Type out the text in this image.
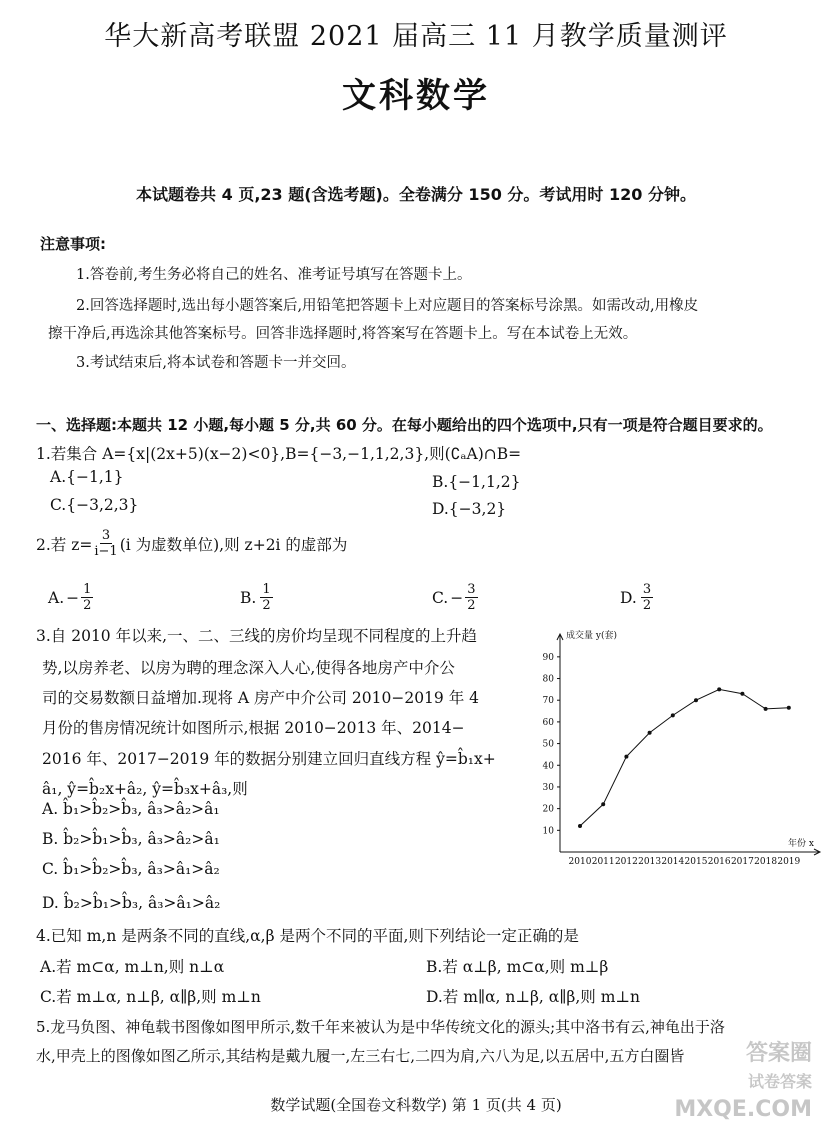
华大新高考联盟 2021 届高三 11 月教学质量测评
文科数学
本试题卷共 4 页,23 题(含选考题)。全卷满分 150 分。考试用时 120 分钟。
注意事项:
1.答卷前,考生务必将自己的姓名、准考证号填写在答题卡上。
2.回答选择题时,选出每小题答案后,用铅笔把答题卡上对应题目的答案标号涂黑。如需改动,用橡皮
擦干净后,再选涂其他答案标号。回答非选择题时,将答案写在答题卡上。写在本试卷上无效。
3.考试结束后,将本试卷和答题卡一并交回。
一、选择题:本题共 12 小题,每小题 5 分,共 60 分。在每小题给出的四个选项中,只有一项是符合题目要求的。
1.若集合 A={x|(2x+5)(x−2)<0},B={−3,−1,1,2,3},则(∁ₐA)∩B=
A.{−1,1}	B.{−1,1,2}
C.{−3,2,3}	D.{−3,2}
2.若 $z= \frac{3}{i-1} (i$ 为虚数单位),则 z+2i 的虚部为
A. − $\frac{1}{2}$	B. $\frac{1}{2}$	C. − $\frac{3}{2}$	D. $\frac{3}{2}$
3.自 2010 年以来,一、二、三线的房价均呈现不同程度的上升趋
势,以房养老、以房为聘的理念深入人心,使得各地房产中介公
司的交易数额日益增加.现将 A 房产中介公司 2010−2019 年 4
月份的售房情况统计如图所示,根据 2010−2013 年、2014−
2016 年、2017−2019 年的数据分别建立回归直线方程 ŷ=b̂₁x+
â₁, ŷ=b̂₂x+â₂, ŷ=b̂₃x+â₃,则
A. b̂₁>b̂₂>b̂₃, â₃>â₂>â₁
B. b̂₂>b̂₁>b̂₃, â₃>â₂>â₁
C. b̂₁>b̂₂>b̂₃, â₃>â₁>â₂
D. b̂₂>b̂₁>b̂₃, â₃>â₁>â₂
成交量 y(套)
年份 x
10
20
30
40
50
60
70
80
90
2010 2011 2012 2013 2014 2015 2016 2017 2018 2019
4.已知 m,n 是两条不同的直线,α,β 是两个不同的平面,则下列结论一定正确的是
A.若 m⊂α, m⊥n,则 n⊥α	B.若 α⊥β, m⊂α,则 m⊥β
C.若 m⊥α, n⊥β, α∥β,则 m⊥n	D.若 m∥α, n⊥β, α∥β,则 m⊥n
5.龙马负图、神龟载书图像如图甲所示,数千年来被认为是中华传统文化的源头;其中洛书有云,神龟出于洛
水,甲壳上的图像如图乙所示,其结构是戴九履一,左三右七,二四为肩,六八为足,以五居中,五方白圈皆	答案圈
试卷答案
MXQE.COM
数学试题(全国卷文科数学) 第 1 页(共 4 页)
